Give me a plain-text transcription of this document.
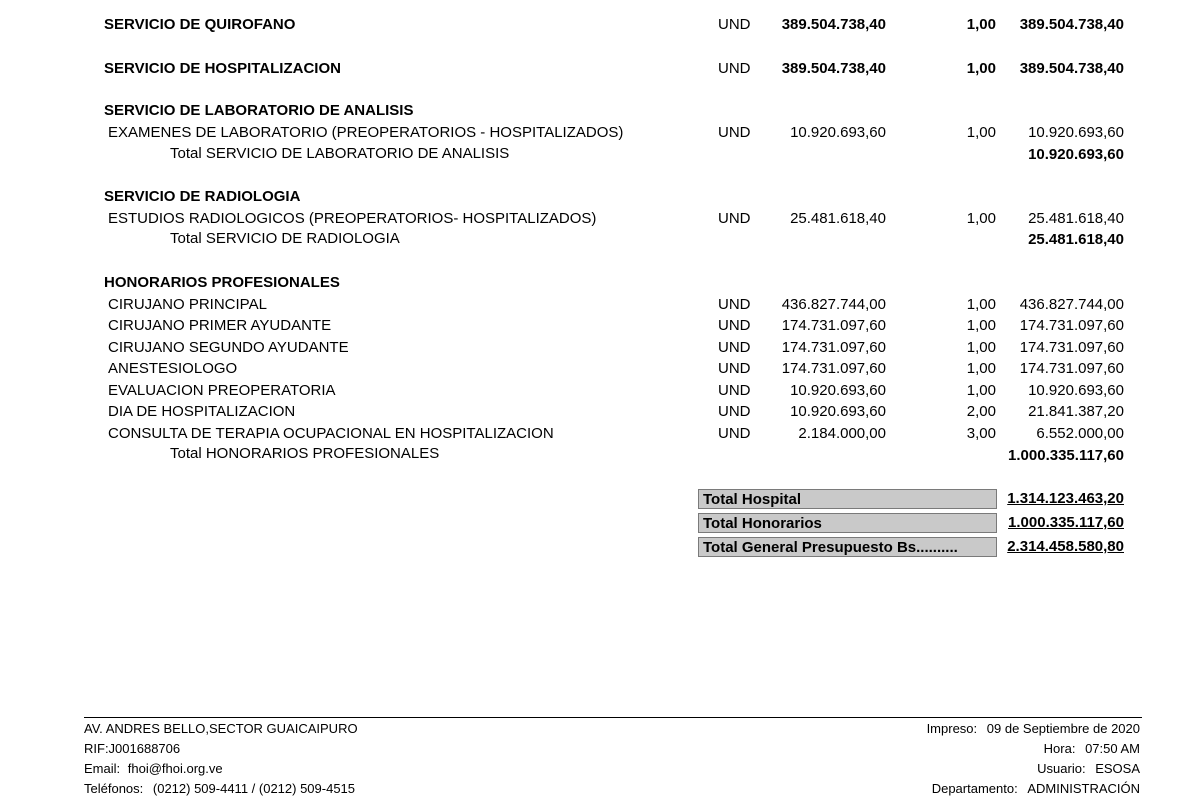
SERVICIO DE QUIROFANO	UND 389.504.738,40	1,00 389.504.738,40
SERVICIO DE HOSPITALIZACION	UND 389.504.738,40	1,00 389.504.738,40
SERVICIO DE LABORATORIO DE ANALISIS
EXAMENES DE LABORATORIO (PREOPERATORIOS - HOSPITALIZADOS)	UND	10.920.693,60	1,00 10.920.693,60
Total SERVICIO DE LABORATORIO DE ANALISIS	10.920.693,60
SERVICIO DE RADIOLOGIA
ESTUDIOS RADIOLOGICOS (PREOPERATORIOS- HOSPITALIZADOS)	UND	25.481.618,40	1,00 25.481.618,40
Total SERVICIO DE RADIOLOGIA	25.481.618,40
HONORARIOS PROFESIONALES
CIRUJANO PRINCIPAL	UND 436.827.744,00	1,00 436.827.744,00
CIRUJANO PRIMER AYUDANTE	UND 174.731.097,60	1,00 174.731.097,60
CIRUJANO SEGUNDO AYUDANTE	UND 174.731.097,60	1,00 174.731.097,60
ANESTESIOLOGO	UND 174.731.097,60	1,00 174.731.097,60
EVALUACION PREOPERATORIA	UND	10.920.693,60	1,00 10.920.693,60
DIA DE HOSPITALIZACION	UND	10.920.693,60	2,00 21.841.387,20
CONSULTA DE TERAPIA OCUPACIONAL EN HOSPITALIZACION	UND	2.184.000,00	3,00	6.552.000,00
Total HONORARIOS PROFESIONALES	1.000.335.117,60
Total Hospital	1.314.123.463,20
Total Honorarios	1.000.335.117,60
Total General Presupuesto Bs..........	2.314.458.580,80
AV. ANDRES BELLO,SECTOR GUAICAIPURO
RIF:J001688706
Email: fhoi@fhoi.org.ve
Teléfonos: (0212) 509-4411 / (0212) 509-4515
Impreso: 09 de Septiembre de 2020
Hora: 07:50 AM
Usuario: ESOSA
Departamento: ADMINISTRACIÓN
